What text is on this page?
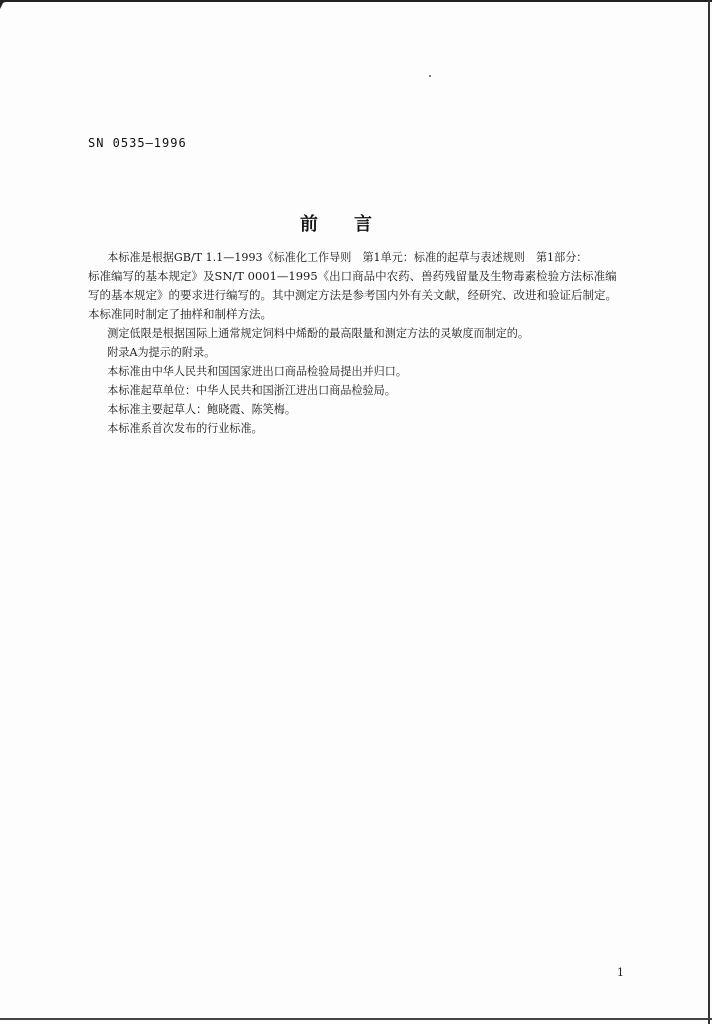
SN 0535—1996
前言

本标准是根据GB/T 1.1—1993《标准化工作导则　第1单元：标准的起草与表述规则　第1部分：
标准编写的基本规定》及SN/T 0001—1995《出口商品中农药、兽药残留量及生物毒素检验方法标准编
写的基本规定》的要求进行编写的。其中测定方法是参考国内外有关文献，经研究、改进和验证后制定。
本标准同时制定了抽样和制样方法。

测定低限是根据国际上通常规定饲料中烯酚的最高限量和测定方法的灵敏度而制定的。

附录A为提示的附录。

本标准由中华人民共和国国家进出口商品检验局提出并归口。

本标准起草单位：中华人民共和国浙江进出口商品检验局。

本标准主要起草人：鲍晓霞、陈笑梅。

本标准系首次发布的行业标准。

1
